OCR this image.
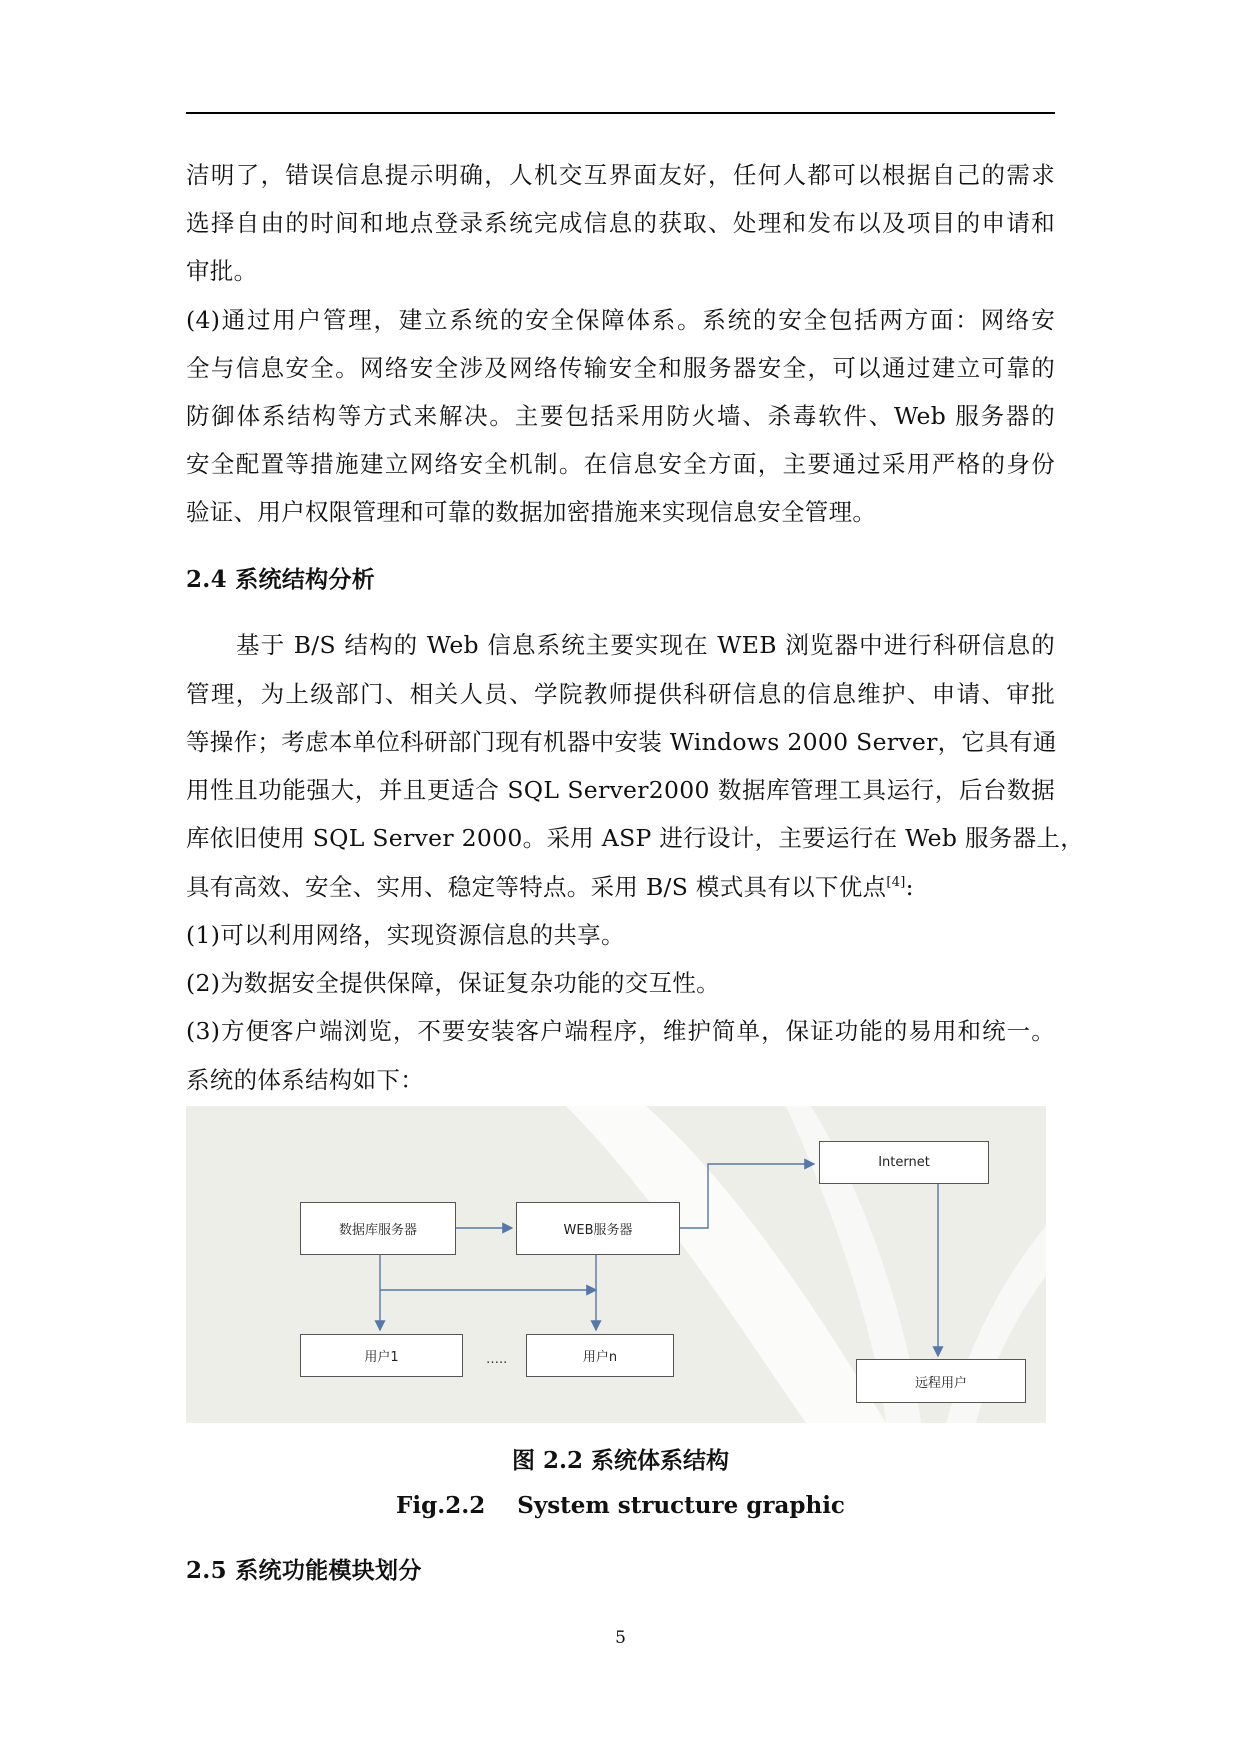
洁明了，错误信息提示明确，人机交互界面友好，任何人都可以根据自己的需求
选择自由的时间和地点登录系统完成信息的获取、处理和发布以及项目的申请和
审批。
(4)通过用户管理，建立系统的安全保障体系。系统的安全包括两方面：网络安
全与信息安全。网络安全涉及网络传输安全和服务器安全，可以通过建立可靠的
防御体系结构等方式来解决。主要包括采用防火墙、杀毒软件、Web 服务器的
安全配置等措施建立网络安全机制。在信息安全方面，主要通过采用严格的身份
验证、用户权限管理和可靠的数据加密措施来实现信息安全管理。
2.4 系统结构分析
基于 B/S 结构的 Web 信息系统主要实现在 WEB 浏览器中进行科研信息的
管理，为上级部门、相关人员、学院教师提供科研信息的信息维护、申请、审批
等操作；考虑本单位科研部门现有机器中安装 Windows 2000 Server，它具有通
用性且功能强大，并且更适合 SQL Server2000 数据库管理工具运行，后台数据
库依旧使用 SQL Server 2000。采用 ASP 进行设计，主要运行在 Web 服务器上，
具有高效、安全、实用、稳定等特点。采用 B/S 模式具有以下优点[4]:
(1)可以利用网络，实现资源信息的共享。
(2)为数据安全提供保障，保证复杂功能的交互性。
(3)方便客户端浏览，不要安装客户端程序，维护简单，保证功能的易用和统一。
系统的体系结构如下：
Internet
数据库服务器	WEB服务器
用户1	…..	用户n
远程用户
图 2.2 系统体系结构
Fig.2.2    System structure graphic
2.5 系统功能模块划分
5
